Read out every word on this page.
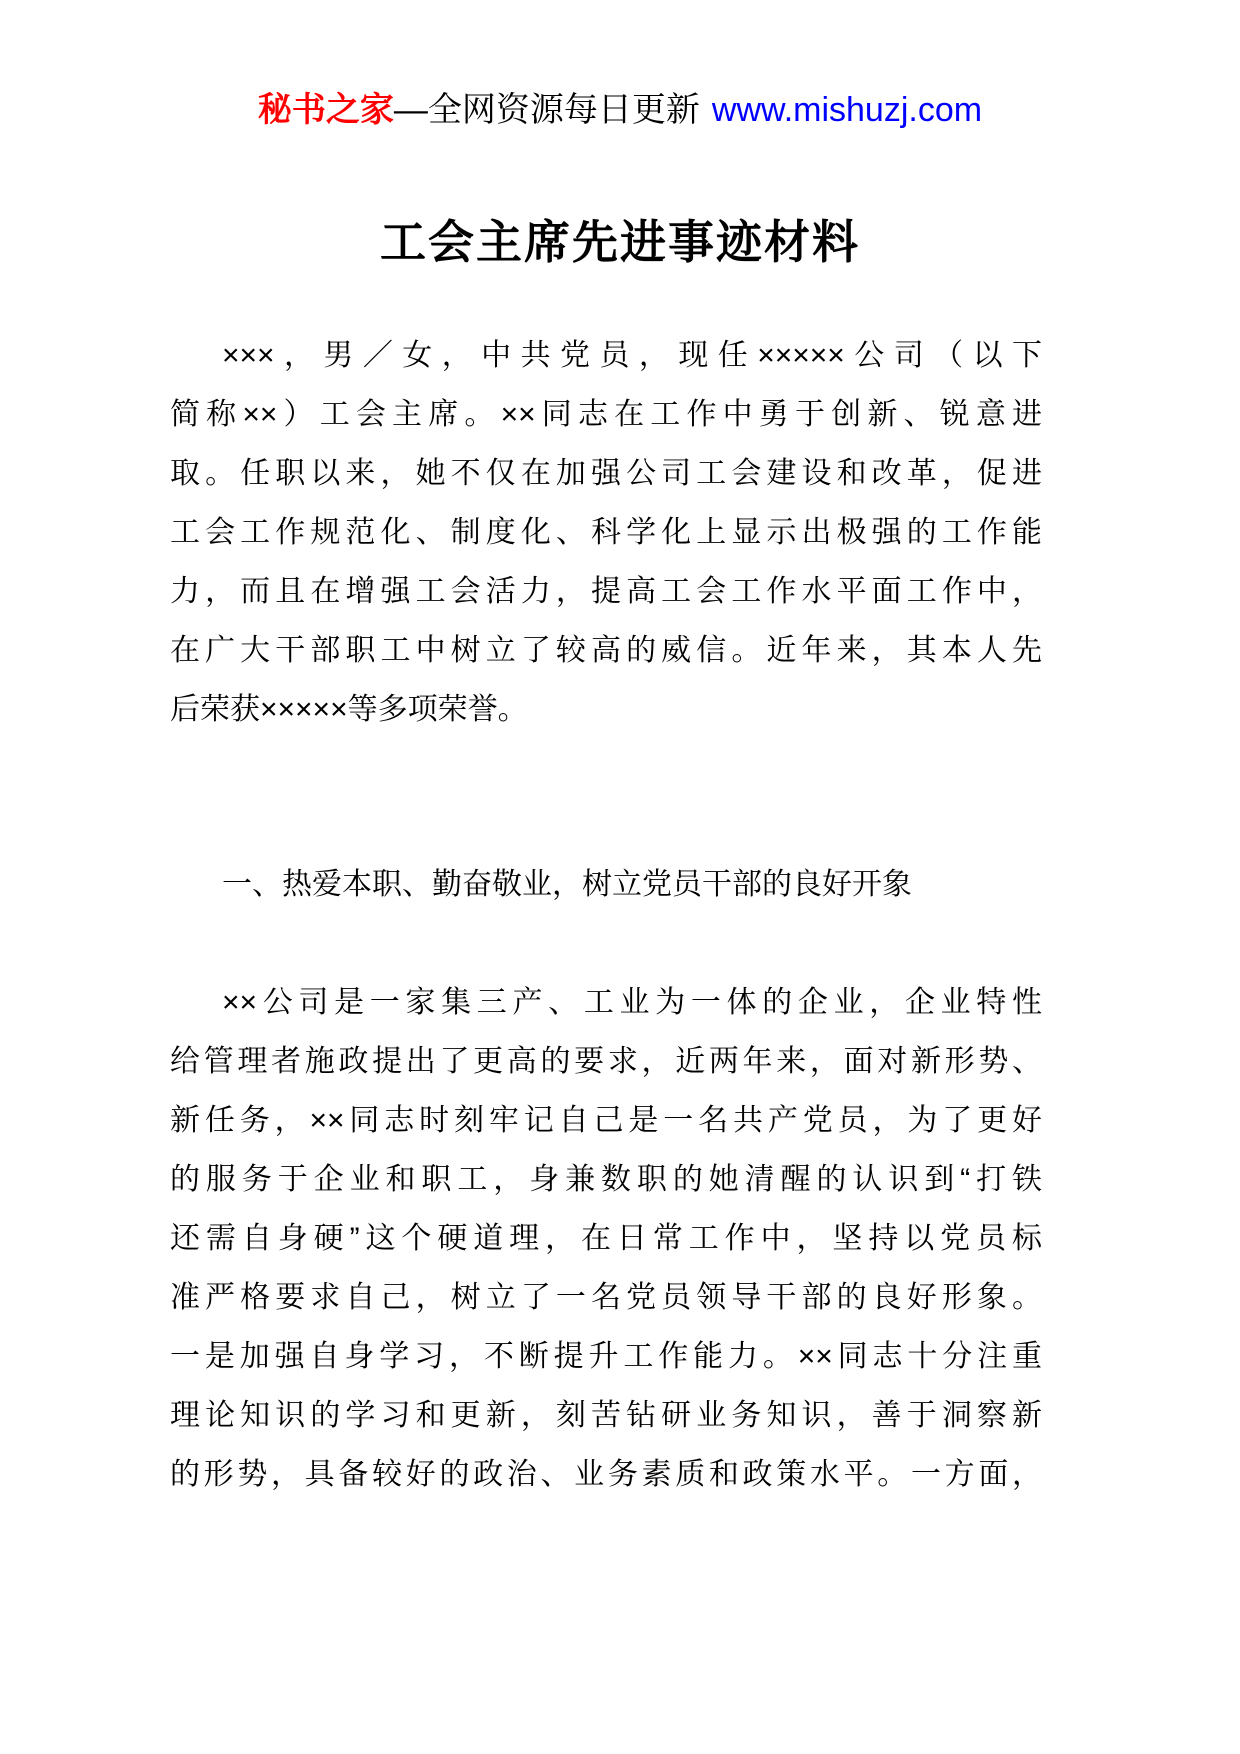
秘书之家—全网资源每日更新 www.mishuzj.com
工会主席先进事迹材料
×××，男／女，中共党员，现任×××××公司（以下
简称××）工会主席。××同志在工作中勇于创新、锐意进
取。任职以来，她不仅在加强公司工会建设和改革，促进
工会工作规范化、制度化、科学化上显示出极强的工作能
力，而且在增强工会活力，提高工会工作水平面工作中，
在广大干部职工中树立了较高的威信。近年来，其本人先
后荣获×××××等多项荣誉。
一、热爱本职、勤奋敬业，树立党员干部的良好开象
××公司是一家集三产、工业为一体的企业，企业特性
给管理者施政提出了更高的要求，近两年来，面对新形势、
新任务，××同志时刻牢记自己是一名共产党员，为了更好
的服务于企业和职工，身兼数职的她清醒的认识到“打铁
还需自身硬”这个硬道理，在日常工作中，坚持以党员标
准严格要求自己，树立了一名党员领导干部的良好形象。
一是加强自身学习，不断提升工作能力。××同志十分注重
理论知识的学习和更新，刻苦钻研业务知识，善于洞察新
的形势，具备较好的政治、业务素质和政策水平。一方面，
